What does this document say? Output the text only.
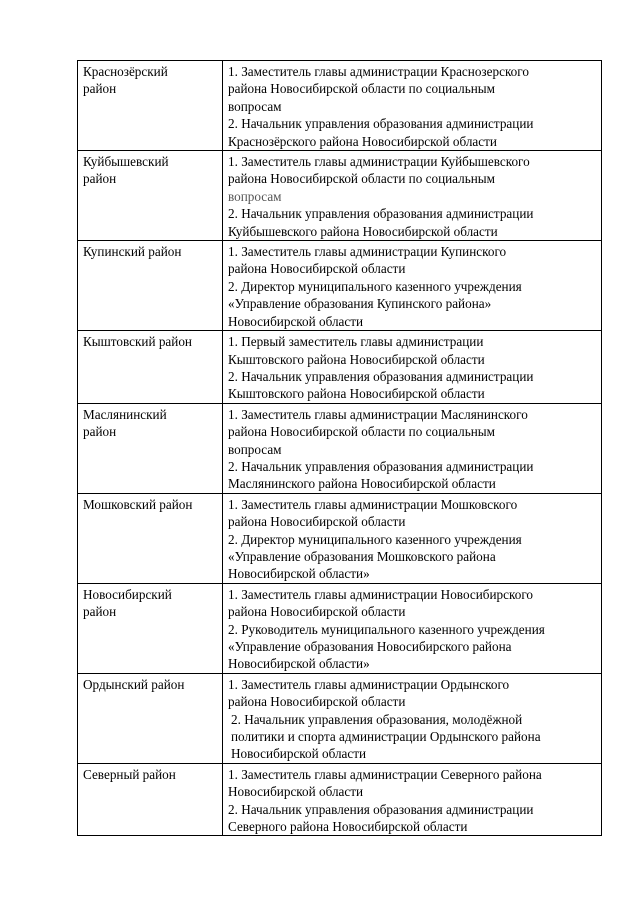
Краснозёрский
район	1. Заместитель главы администрации Краснозерского
района Новосибирской области по социальным
вопросам
2. Начальник управления образования администрации
Краснозёрского района Новосибирской области

Куйбышевский
район	1. Заместитель главы администрации Куйбышевского
района Новосибирской области по социальным
вопросам
2. Начальник управления образования администрации
Куйбышевского района Новосибирской области

Купинский район	1. Заместитель главы администрации Купинского
района Новосибирской области
2. Директор муниципального казенного учреждения
«Управление образования Купинского района»
Новосибирской области

Кыштовский район	1. Первый заместитель главы администрации
Кыштовского района Новосибирской области
2. Начальник управления образования администрации
Кыштовского района Новосибирской области

Маслянинский
район	1. Заместитель главы администрации Маслянинского
района Новосибирской области по социальным
вопросам
2. Начальник управления образования администрации
Маслянинского района Новосибирской области

Мошковский район	1. Заместитель главы администрации Мошковского
района Новосибирской области
2. Директор муниципального казенного учреждения
«Управление образования Мошковского района
Новосибирской области»

Новосибирский
район	1. Заместитель главы администрации Новосибирского
района Новосибирской области
2. Руководитель муниципального казенного учреждения
«Управление образования Новосибирского района
Новосибирской области»

Ордынский район	1. Заместитель главы администрации Ордынского
района Новосибирской области
2. Начальник управления образования, молодёжной
политики и спорта администрации Ордынского района
Новосибирской области

Северный район	1. Заместитель главы администрации Северного района
Новосибирской области
2. Начальник управления образования администрации
Северного района Новосибирской области
